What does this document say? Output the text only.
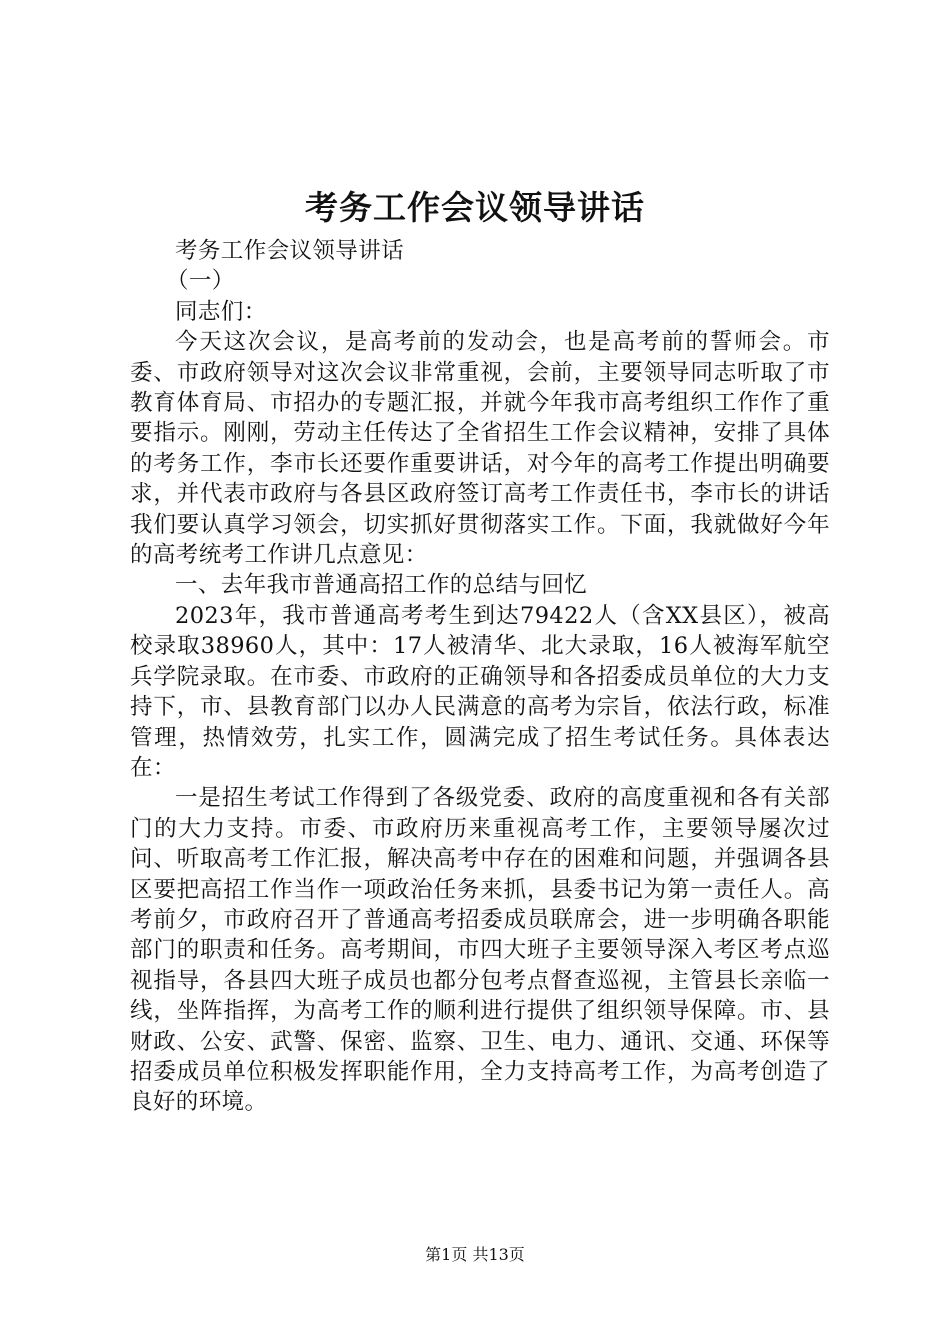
考务工作会议领导讲话

考务工作会议领导讲话

（一）

同志们：

今天这次会议，是高考前的发动会，也是高考前的誓师会。市委、市政府领导对这次会议非常重视，会前，主要领导同志听取了市教育体育局、市招办的专题汇报，并就今年我市高考组织工作作了重要指示。刚刚，劳动主任传达了全省招生工作会议精神，安排了具体的考务工作，李市长还要作重要讲话，对今年的高考工作提出明确要求，并代表市政府与各县区政府签订高考工作责任书，李市长的讲话我们要认真学习领会，切实抓好贯彻落实工作。下面，我就做好今年的高考统考工作讲几点意见：

一、去年我市普通高招工作的总结与回忆

2023年，我市普通高考考生到达79422人（含XX县区），被高校录取38960人，其中：17人被清华、北大录取，16人被海军航空兵学院录取。在市委、市政府的正确领导和各招委成员单位的大力支持下，市、县教育部门以办人民满意的高考为宗旨，依法行政，标准管理，热情效劳，扎实工作，圆满完成了招生考试任务。具体表达在：

一是招生考试工作得到了各级党委、政府的高度重视和各有关部门的大力支持。市委、市政府历来重视高考工作，主要领导屡次过问、听取高考工作汇报，解决高考中存在的困难和问题，并强调各县区要把高招工作当作一项政治任务来抓，县委书记为第一责任人。高考前夕，市政府召开了普通高考招委成员联席会，进一步明确各职能部门的职责和任务。高考期间，市四大班子主要领导深入考区考点巡视指导，各县四大班子成员也都分包考点督查巡视，主管县长亲临一线，坐阵指挥，为高考工作的顺利进行提供了组织领导保障。市、县财政、公安、武警、保密、监察、卫生、电力、通讯、交通、环保等招委成员单位积极发挥职能作用，全力支持高考工作，为高考创造了良好的环境。

第1页 共13页
